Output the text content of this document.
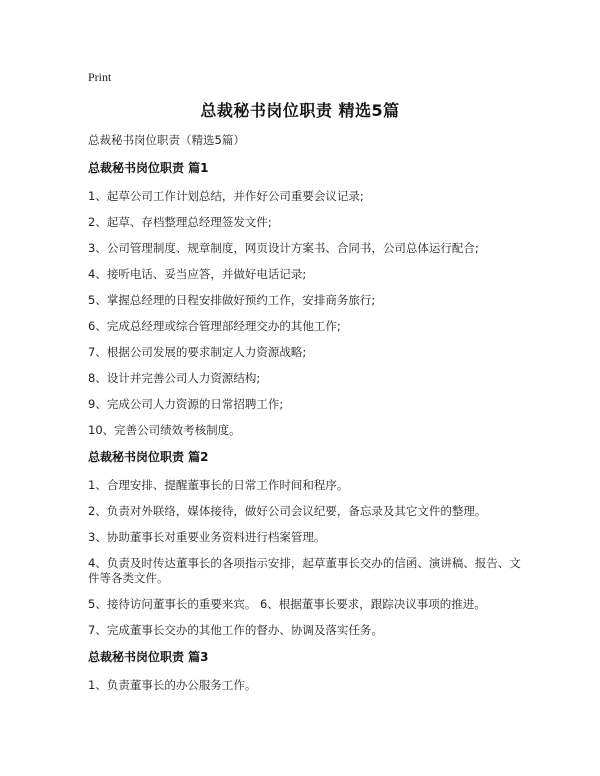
Print
总裁秘书岗位职责 精选5篇
总裁秘书岗位职责（精选5篇）
总裁秘书岗位职责 篇1
1、起草公司工作计划总结，并作好公司重要会议记录;
2、起草、存档整理总经理签发文件;
3、公司管理制度、规章制度，网页设计方案书、合同书，公司总体运行配合;
4、接听电话、妥当应答，并做好电话记录;
5、掌握总经理的日程安排做好预约工作，安排商务旅行;
6、完成总经理或综合管理部经理交办的其他工作;
7、根据公司发展的要求制定人力资源战略;
8、设计并完善公司人力资源结构;
9、完成公司人力资源的日常招聘工作;
10、完善公司绩效考核制度。
总裁秘书岗位职责 篇2
1、合理安排、提醒董事长的日常工作时间和程序。
2、负责对外联络，媒体接待，做好公司会议纪要，备忘录及其它文件的整理。
3、协助董事长对重要业务资料进行档案管理。
4、负责及时传达董事长的各项指示安排，起草董事长交办的信函、演讲稿、报告、文件等各类文件。
5、接待访问董事长的重要来宾。 6、根据董事长要求，跟踪决议事项的推进。
7、完成董事长交办的其他工作的督办、协调及落实任务。
总裁秘书岗位职责 篇3
1、负责董事长的办公服务工作。
